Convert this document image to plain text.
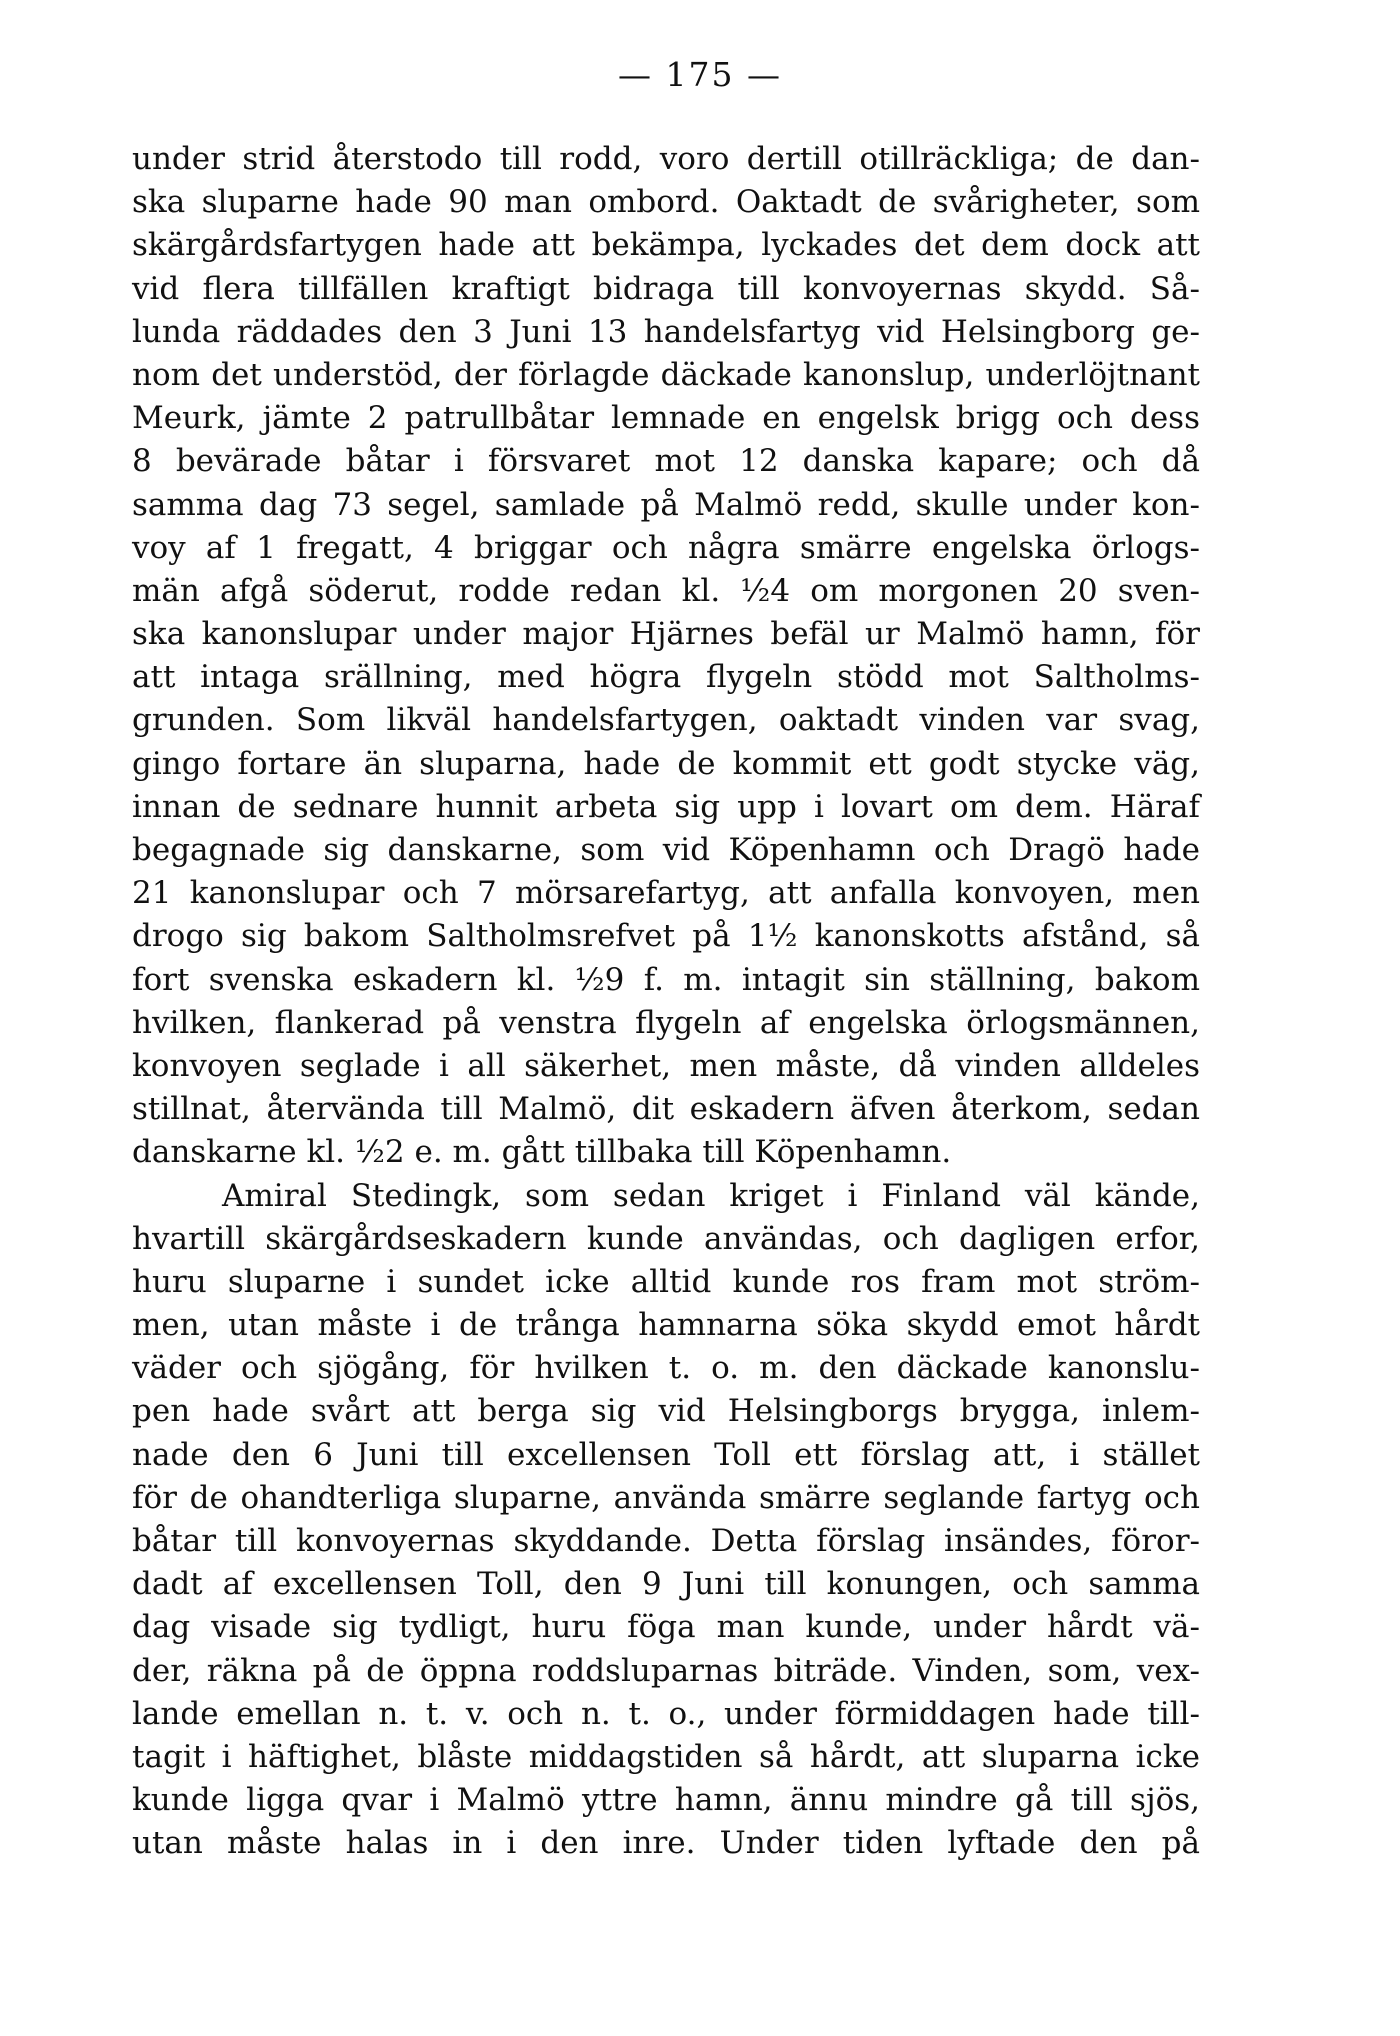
— 175 —
under strid återstodo till rodd, voro dertill otillräckliga; de dan-
ska sluparne hade 90 man ombord. Oaktadt de svårigheter, som
skärgårdsfartygen hade att bekämpa, lyckades det dem dock att
vid flera tillfällen kraftigt bidraga till konvoyernas skydd. Så-
lunda räddades den 3 Juni 13 handelsfartyg vid Helsingborg ge-
nom det understöd, der förlagde däckade kanonslup, underlöjtnant
Meurk, jämte 2 patrullbåtar lemnade en engelsk brigg och dess
8 bevärade båtar i försvaret mot 12 danska kapare; och då
samma dag 73 segel, samlade på Malmö redd, skulle under kon-
voy af 1 fregatt, 4 briggar och några smärre engelska örlogs-
män afgå söderut, rodde redan kl. ½4 om morgonen 20 sven-
ska kanonslupar under major Hjärnes befäl ur Malmö hamn, för
att intaga srällning, med högra flygeln stödd mot Saltholms-
grunden. Som likväl handelsfartygen, oaktadt vinden var svag,
gingo fortare än sluparna, hade de kommit ett godt stycke väg,
innan de sednare hunnit arbeta sig upp i lovart om dem. Häraf
begagnade sig danskarne, som vid Köpenhamn och Dragö hade
21 kanonslupar och 7 mörsarefartyg, att anfalla konvoyen, men
drogo sig bakom Saltholmsrefvet på 1½ kanonskotts afstånd, så
fort svenska eskadern kl. ½9 f. m. intagit sin ställning, bakom
hvilken, flankerad på venstra flygeln af engelska örlogsmännen,
konvoyen seglade i all säkerhet, men måste, då vinden alldeles
stillnat, återvända till Malmö, dit eskadern äfven återkom, sedan
danskarne kl. ½2 e. m. gått tillbaka till Köpenhamn.
Amiral Stedingk, som sedan kriget i Finland väl kände,
hvartill skärgårdseskadern kunde användas, och dagligen erfor,
huru sluparne i sundet icke alltid kunde ros fram mot ström-
men, utan måste i de trånga hamnarna söka skydd emot hårdt
väder och sjögång, för hvilken t. o. m. den däckade kanonslu-
pen hade svårt att berga sig vid Helsingborgs brygga, inlem-
nade den 6 Juni till excellensen Toll ett förslag att, i stället
för de ohandterliga sluparne, använda smärre seglande fartyg och
båtar till konvoyernas skyddande. Detta förslag insändes, föror-
dadt af excellensen Toll, den 9 Juni till konungen, och samma
dag visade sig tydligt, huru föga man kunde, under hårdt vä-
der, räkna på de öppna roddsluparnas biträde. Vinden, som, vex-
lande emellan n. t. v. och n. t. o., under förmiddagen hade till-
tagit i häftighet, blåste middagstiden så hårdt, att sluparna icke
kunde ligga qvar i Malmö yttre hamn, ännu mindre gå till sjös,
utan måste halas in i den inre. Under tiden lyftade den på
